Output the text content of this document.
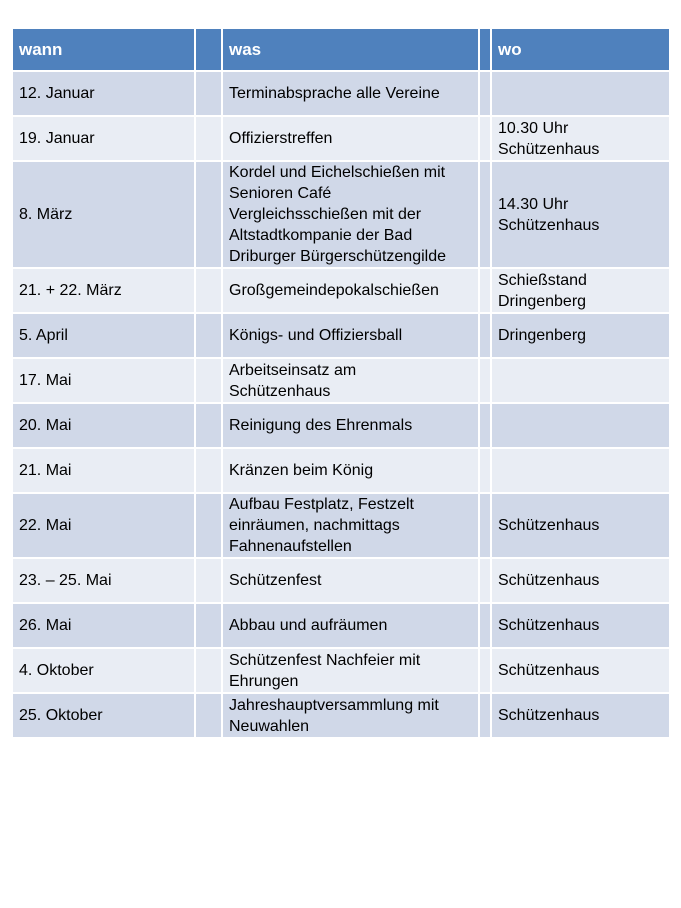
wann		was		wo
12. Januar		Terminabsprache alle Vereine		
19. Januar		Offizierstreffen		10.30 Uhr
Schützenhaus
8. März		Kordel und Eichelschießen mit
Senioren Café
Vergleichsschießen mit der
Altstadtkompanie der Bad
Driburger Bürgerschützengilde		14.30 Uhr
Schützenhaus
21. + 22. März		Großgemeindepokalschießen		Schießstand
Dringenberg
5. April		Königs- und Offiziersball		Dringenberg
17. Mai		Arbeitseinsatz am
Schützenhaus		
20. Mai		Reinigung des Ehrenmals		
21. Mai		Kränzen beim König		
22. Mai		Aufbau Festplatz, Festzelt
einräumen, nachmittags
Fahnenaufstellen		Schützenhaus
23. – 25. Mai		Schützenfest		Schützenhaus
26. Mai		Abbau und aufräumen		Schützenhaus
4. Oktober		Schützenfest Nachfeier mit
Ehrungen		Schützenhaus
25. Oktober		Jahreshauptversammlung mit
Neuwahlen		Schützenhaus
